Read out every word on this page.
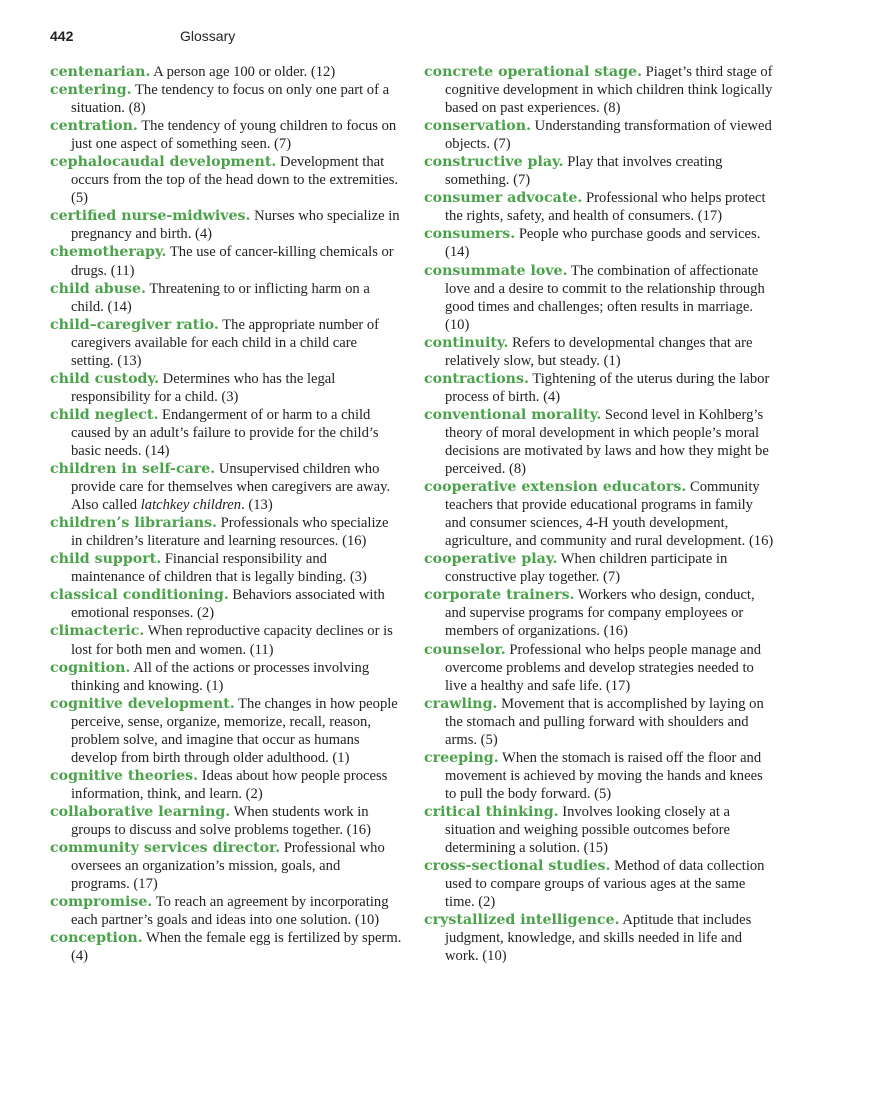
442	Glossary

centenarian. A person age 100 or older. (12)

centering. The tendency to focus on only one part of a situation. (8)

centration. The tendency of young children to focus on just one aspect of something seen. (7)

cephalocaudal development. Development that occurs from the top of the head down to the extremities. (5)

certified nurse-midwives. Nurses who specialize in pregnancy and birth. (4)

chemotherapy. The use of cancer-killing chemicals or drugs. (11)

child abuse. Threatening to or inflicting harm on a child. (14)

child–caregiver ratio. The appropriate number of caregivers available for each child in a child care setting. (13)

child custody. Determines who has the legal responsibility for a child. (3)

child neglect. Endangerment of or harm to a child caused by an adult’s failure to provide for the child’s basic needs. (14)

children in self-care. Unsupervised children who provide care for themselves when caregivers are away. Also called latchkey children. (13)

children’s librarians. Professionals who specialize in children’s literature and learning resources. (16)

child support. Financial responsibility and maintenance of children that is legally binding. (3)

classical conditioning. Behaviors associated with emotional responses. (2)

climacteric. When reproductive capacity declines or is lost for both men and women. (11)

cognition. All of the actions or processes involving thinking and knowing. (1)

cognitive development. The changes in how people perceive, sense, organize, memorize, recall, reason, problem solve, and imagine that occur as humans develop from birth through older adulthood. (1)

cognitive theories. Ideas about how people process information, think, and learn. (2)

collaborative learning. When students work in groups to discuss and solve problems together. (16)

community services director. Professional who oversees an organization’s mission, goals, and programs. (17)

compromise. To reach an agreement by incorporating each partner’s goals and ideas into one solution. (10)

conception. When the female egg is fertilized by sperm. (4)

concrete operational stage. Piaget’s third stage of cognitive development in which children think logically based on past experiences. (8)

conservation. Understanding transformation of viewed objects. (7)

constructive play. Play that involves creating something. (7)

consumer advocate. Professional who helps protect the rights, safety, and health of consumers. (17)

consumers. People who purchase goods and services. (14)

consummate love. The combination of affectionate love and a desire to commit to the relationship through good times and challenges; often results in marriage. (10)

continuity. Refers to developmental changes that are relatively slow, but steady. (1)

contractions. Tightening of the uterus during the labor process of birth. (4)

conventional morality. Second level in Kohlberg’s theory of moral development in which people’s moral decisions are motivated by laws and how they might be perceived. (8)

cooperative extension educators. Community teachers that provide educational programs in family and consumer sciences, 4-H youth development, agriculture, and community and rural development. (16)

cooperative play. When children participate in constructive play together. (7)

corporate trainers. Workers who design, conduct, and supervise programs for company employees or members of organizations. (16)

counselor. Professional who helps people manage and overcome problems and develop strategies needed to live a healthy and safe life. (17)

crawling. Movement that is accomplished by laying on the stomach and pulling forward with shoulders and arms. (5)

creeping. When the stomach is raised off the floor and movement is achieved by moving the hands and knees to pull the body forward. (5)

critical thinking. Involves looking closely at a situation and weighing possible outcomes before determining a solution. (15)

cross-sectional studies. Method of data collection used to compare groups of various ages at the same time. (2)

crystallized intelligence. Aptitude that includes judgment, knowledge, and skills needed in life and work. (10)
